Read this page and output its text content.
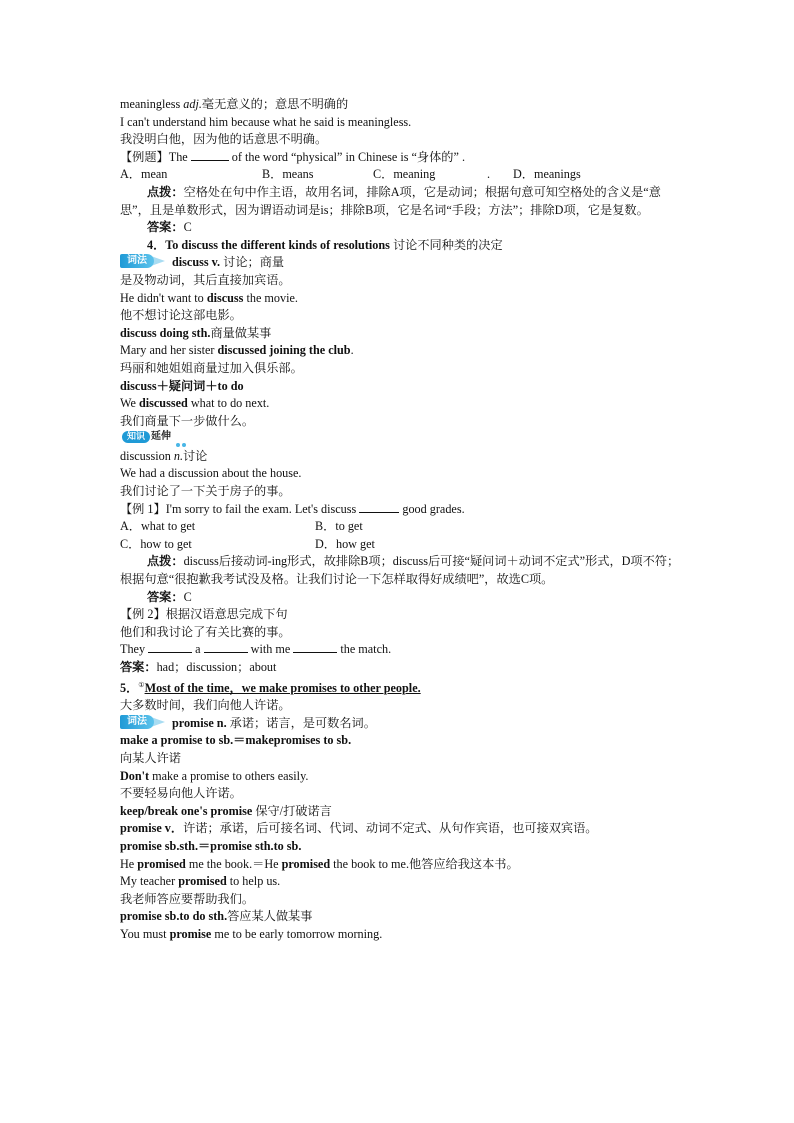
meaningless adj.毫无意义的；意思不明确的
I can't understand him because what he said is meaningless.
我没明白他，因为他的话意思不明确。
【例题】The	of the word “physical” in Chinese is “身体的” .
A．mean	B．means	C．meaning	. D．meanings
点拨：空格处在句中作主语，故用名词，排除A项，它是动词；根据句意可知空格处的含义是“意思”，且是单数形式，因为谓语动词是is；排除B项，它是名词“手段；方法”；排除D项，它是复数。
答案：C
4．To discuss the different kinds of resolutions 讨论不同种类的决定
词法	discuss v. 讨论；商量
是及物动词，其后直接加宾语。
He didn't want to discuss the movie.
他不想讨论这部电影。
discuss doing sth.商量做某事
Mary and her sister discussed joining the club.
玛丽和她姐姐商量过加入俱乐部。
discuss＋疑问词＋to do
We discussed what to do next.
我们商量下一步做什么。
知识 延伸
discussion n.讨论
We had a discussion about the house.
我们讨论了一下关于房子的事。
【例 1】I'm sorry to fail the exam. Let's discuss	good grades.
A．what to get	B．to get
C．how to get	D．how get
点拨：discuss后接动词-ing形式，故排除B项；discuss后可接“疑问词＋动词不定式”形式，D项不符；根据句意“很抱歉我考试没及格。让我们讨论一下怎样取得好成绩吧”，故选C项。
答案：C
【例 2】根据汉语意思完成下句
他们和我讨论了有关比赛的事。
They	a	with me	the match.
答案：had；discussion；about
5．①Most of the time，we make promises to other people.
大多数时间，我们向他人许诺。
词法	promise n. 承诺；诺言，是可数名词。
make a promise to sb.＝makepromises to sb.
向某人许诺
Don't make a promise to others easily.
不要轻易向他人许诺。
keep/break one's promise 保守/打破诺言
promise v．许诺；承诺，后可接名词、代词、动词不定式、从句作宾语，也可接双宾语。
promise sb.sth.＝promise sth.to sb.
He promised me the book.＝He promised the book to me.他答应给我这本书。
My teacher promised to help us.
我老师答应要帮助我们。
promise sb.to do sth.答应某人做某事
You must promise me to be early tomorrow morning.
